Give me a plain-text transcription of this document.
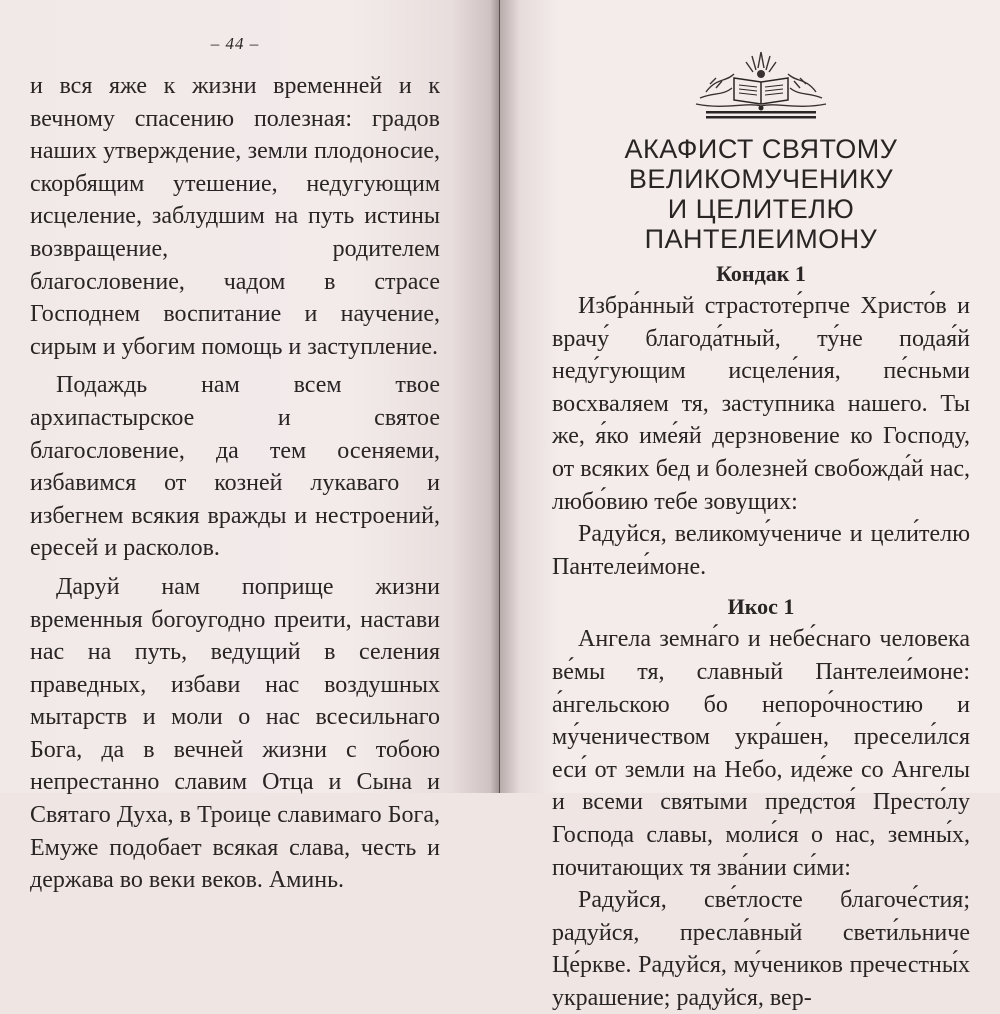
– 44 –

и вся яже к жизни временней и к вечному спасению полезная: градов наших утверждение, земли плодоносие, скорбящим утешение, недугующим исцеление, заблудшим на путь истины возвращение, родителем благословение, чадом в страсе Господнем воспитание и научение, сирым и убогим помощь и заступление.

Подаждь нам всем твое архипастырское и святое благословение, да тем осеняеми, избавимся от козней лукаваго и избегнем всякия вражды и нестроений, ересей и расколов.

Даруй нам поприще жизни временныя богоугодно преити, настави нас на путь, ведущий в селения праведных, избави нас воздушных мытарств и моли о нас всесильнаго Бога, да в вечней жизни с тобою непрестанно славим Отца и Сына и Святаго Духа, в Троице славимаго Бога, Емуже подобает всякая слава, честь и держава во веки веков. Аминь.

АКАФИСТ СВЯТОМУ
ВЕЛИКОМУЧЕНИКУ
И ЦЕЛИТЕЛЮ ПАНТЕЛЕИМОНУ
Кондак 1

Избра́нный страстоте́рпче Христо́в и врачу́ благода́тный, ту́не подая́й неду́гующим исцеле́ния, пе́сньми восхваляем тя, заступника нашего. Ты же, я́ко име́яй дерзновение ко Господу, от всяких бед и болезней свобожда́й нас, любо́вию тебе зовущих:

Радуйся, великому́чениче и цели́телю Пантелеи́моне.

Икос 1

Ангела земна́го и небе́снаго человека ве́мы тя, славный Пантелеи́моне: а́нгельскою бо непоро́чностию и му́ченичеством укра́шен, пресели́лся еси́ от земли на Небо, иде́же со Ангелы и всеми святыми предстоя́ Престо́лу Господа славы, моли́ся о нас, земны́х, почитающих тя зва́нии си́ми:

Радуйся, све́тлосте благоче́стия; радуйся, пресла́вный свети́льниче Це́ркве. Радуйся, му́чеников пречестны́х украшение; радуйся, вер-
